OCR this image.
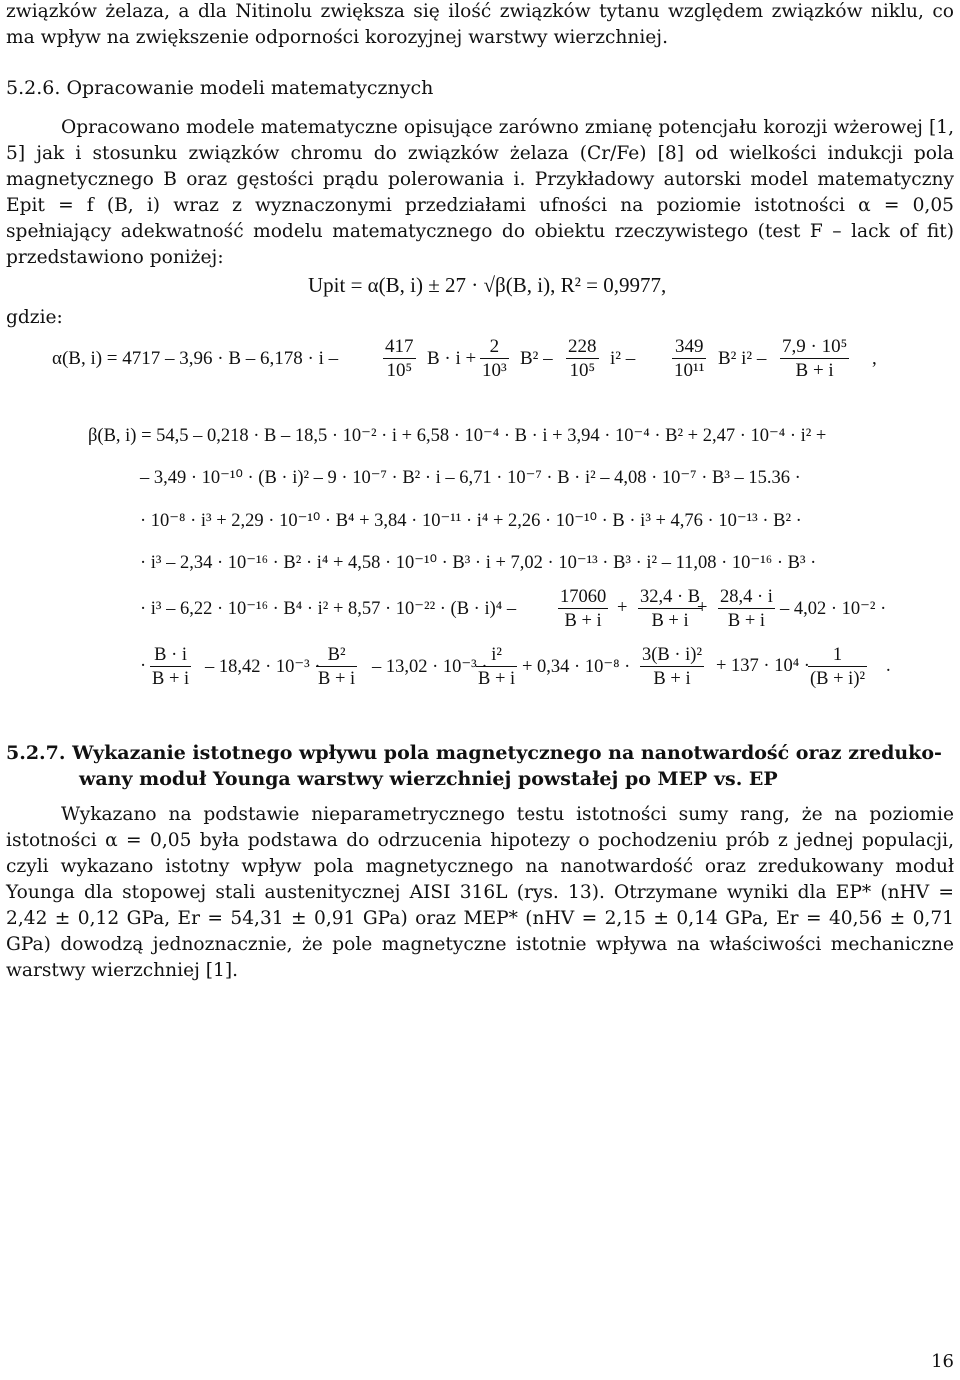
związków żelaza, a dla Nitinolu zwiększa się ilość związków tytanu względem związków niklu, co ma wpływ na zwiększenie odporności korozyjnej warstwy wierzchniej.

5.2.6. Opracowanie modeli matematycznych

Opracowano modele matematyczne opisujące zarówno zmianę potencjału korozji wżerowej [1, 5] jak i stosunku związków chromu do związków żelaza (Cr/Fe) [8] od wielkości indukcji pola magnetycznego B oraz gęstości prądu polerowania i. Przykładowy autorski model matematyczny Epit = f (B, i) wraz z wyznaczonymi przedziałami ufności na poziomie istotności α = 0,05 spełniający adekwatność modelu matematycznego do obiektu rzeczywistego (test F – lack of fit) przedstawiono poniżej:

Upit = α(B, i) ± 27 · √β(B, i), R² = 0,9977,
gdzie:
α(B, $i) = 4717 - 3,96 \cdot B - 6,178 \cdot i - \frac{417}{\text{10⁵}}$ $B \cdot i + \frac{2}{\text{10³}} B^2 - \frac{228}{\text{10⁵}} i^2 - \frac{349}{\text{10¹¹}} B^2$ $i^2 - \frac{\text{7,9 · 10⁵}}{B + i}$ ,
β(B, i) = 54,5 – 0,218 · B – 18,5 · 10⁻² · i + 6,58 · 10⁻⁴ · B · i + 3,94 · 10⁻⁴ · B² + 2,47 · 10⁻⁴ · i² +
– 3,49 · 10⁻¹⁰ · (B · i)² – 9 · 10⁻⁷ · B² · i – 6,71 · 10⁻⁷ · B · i² – 4,08 · 10⁻⁷ · B³ – 15.36 ·
· 10⁻⁸ · i³ + 2,29 · 10⁻¹⁰ · B⁴ + 3,84 · 10⁻¹¹ · i⁴ + 2,26 · 10⁻¹⁰ · B · i³ + 4,76 · 10⁻¹³ · B² ·
· i³ – 2,34 · 10⁻¹⁶ · B² · i⁴ + 4,58 · 10⁻¹⁰ · B³ · i + 7,02 · 10⁻¹³ · B³ · i² – 11,08 · 10⁻¹⁶ · B³ ·
· $i^3 - 6,22 \cdot 10^{-16} \cdot B^4 \cdot i^2 + 8,57 \cdot 10^{-22} \cdot (B \cdot i)^4 - \frac{17060}{B + i} + \frac{32,4 \cdot B}{B + i}$
+ $\frac{28,4 \cdot i}{B + i} - 4,02 \cdot 10^{-2}$ ·
· $\frac{B \cdot i}{B + i} - 18,42 \cdot 10^{-3}$ ·
$\frac{\text{B²}}{B + i} - 13,02 \cdot 10^{-3}$ ·
$\frac{\text{i²}}{B + i} + 0,34 \cdot 10^{-8} \cdot \frac{\text{3(B · i)²}}{B + i} + 137 \cdot 10^4$ ·
$\frac{1}{\text{(B + i)²}}$ .
5.2.7. Wykazanie istotnego wpływu pola magnetycznego na nanotwardość oraz zreduko-
wany moduł Younga warstwy wierzchniej powstałej po MEP vs. EP

Wykazano na podstawie nieparametrycznego testu istotności sumy rang, że na poziomie istotności α = 0,05 była podstawa do odrzucenia hipotezy o pochodzeniu prób z jednej populacji, czyli wykazano istotny wpływ pola magnetycznego na nanotwardość oraz zredukowany moduł Younga dla stopowej stali austenitycznej AISI 316L (rys. 13). Otrzymane wyniki dla EP* (nHV = 2,42 ± 0,12 GPa, Er = 54,31 ± 0,91 GPa) oraz MEP* (nHV = 2,15 ± 0,14 GPa, Er = 40,56 ± 0,71 GPa) dowodzą jednoznacznie, że pole magnetyczne istotnie wpływa na właściwości mechaniczne warstwy wierzchniej [1].

16
